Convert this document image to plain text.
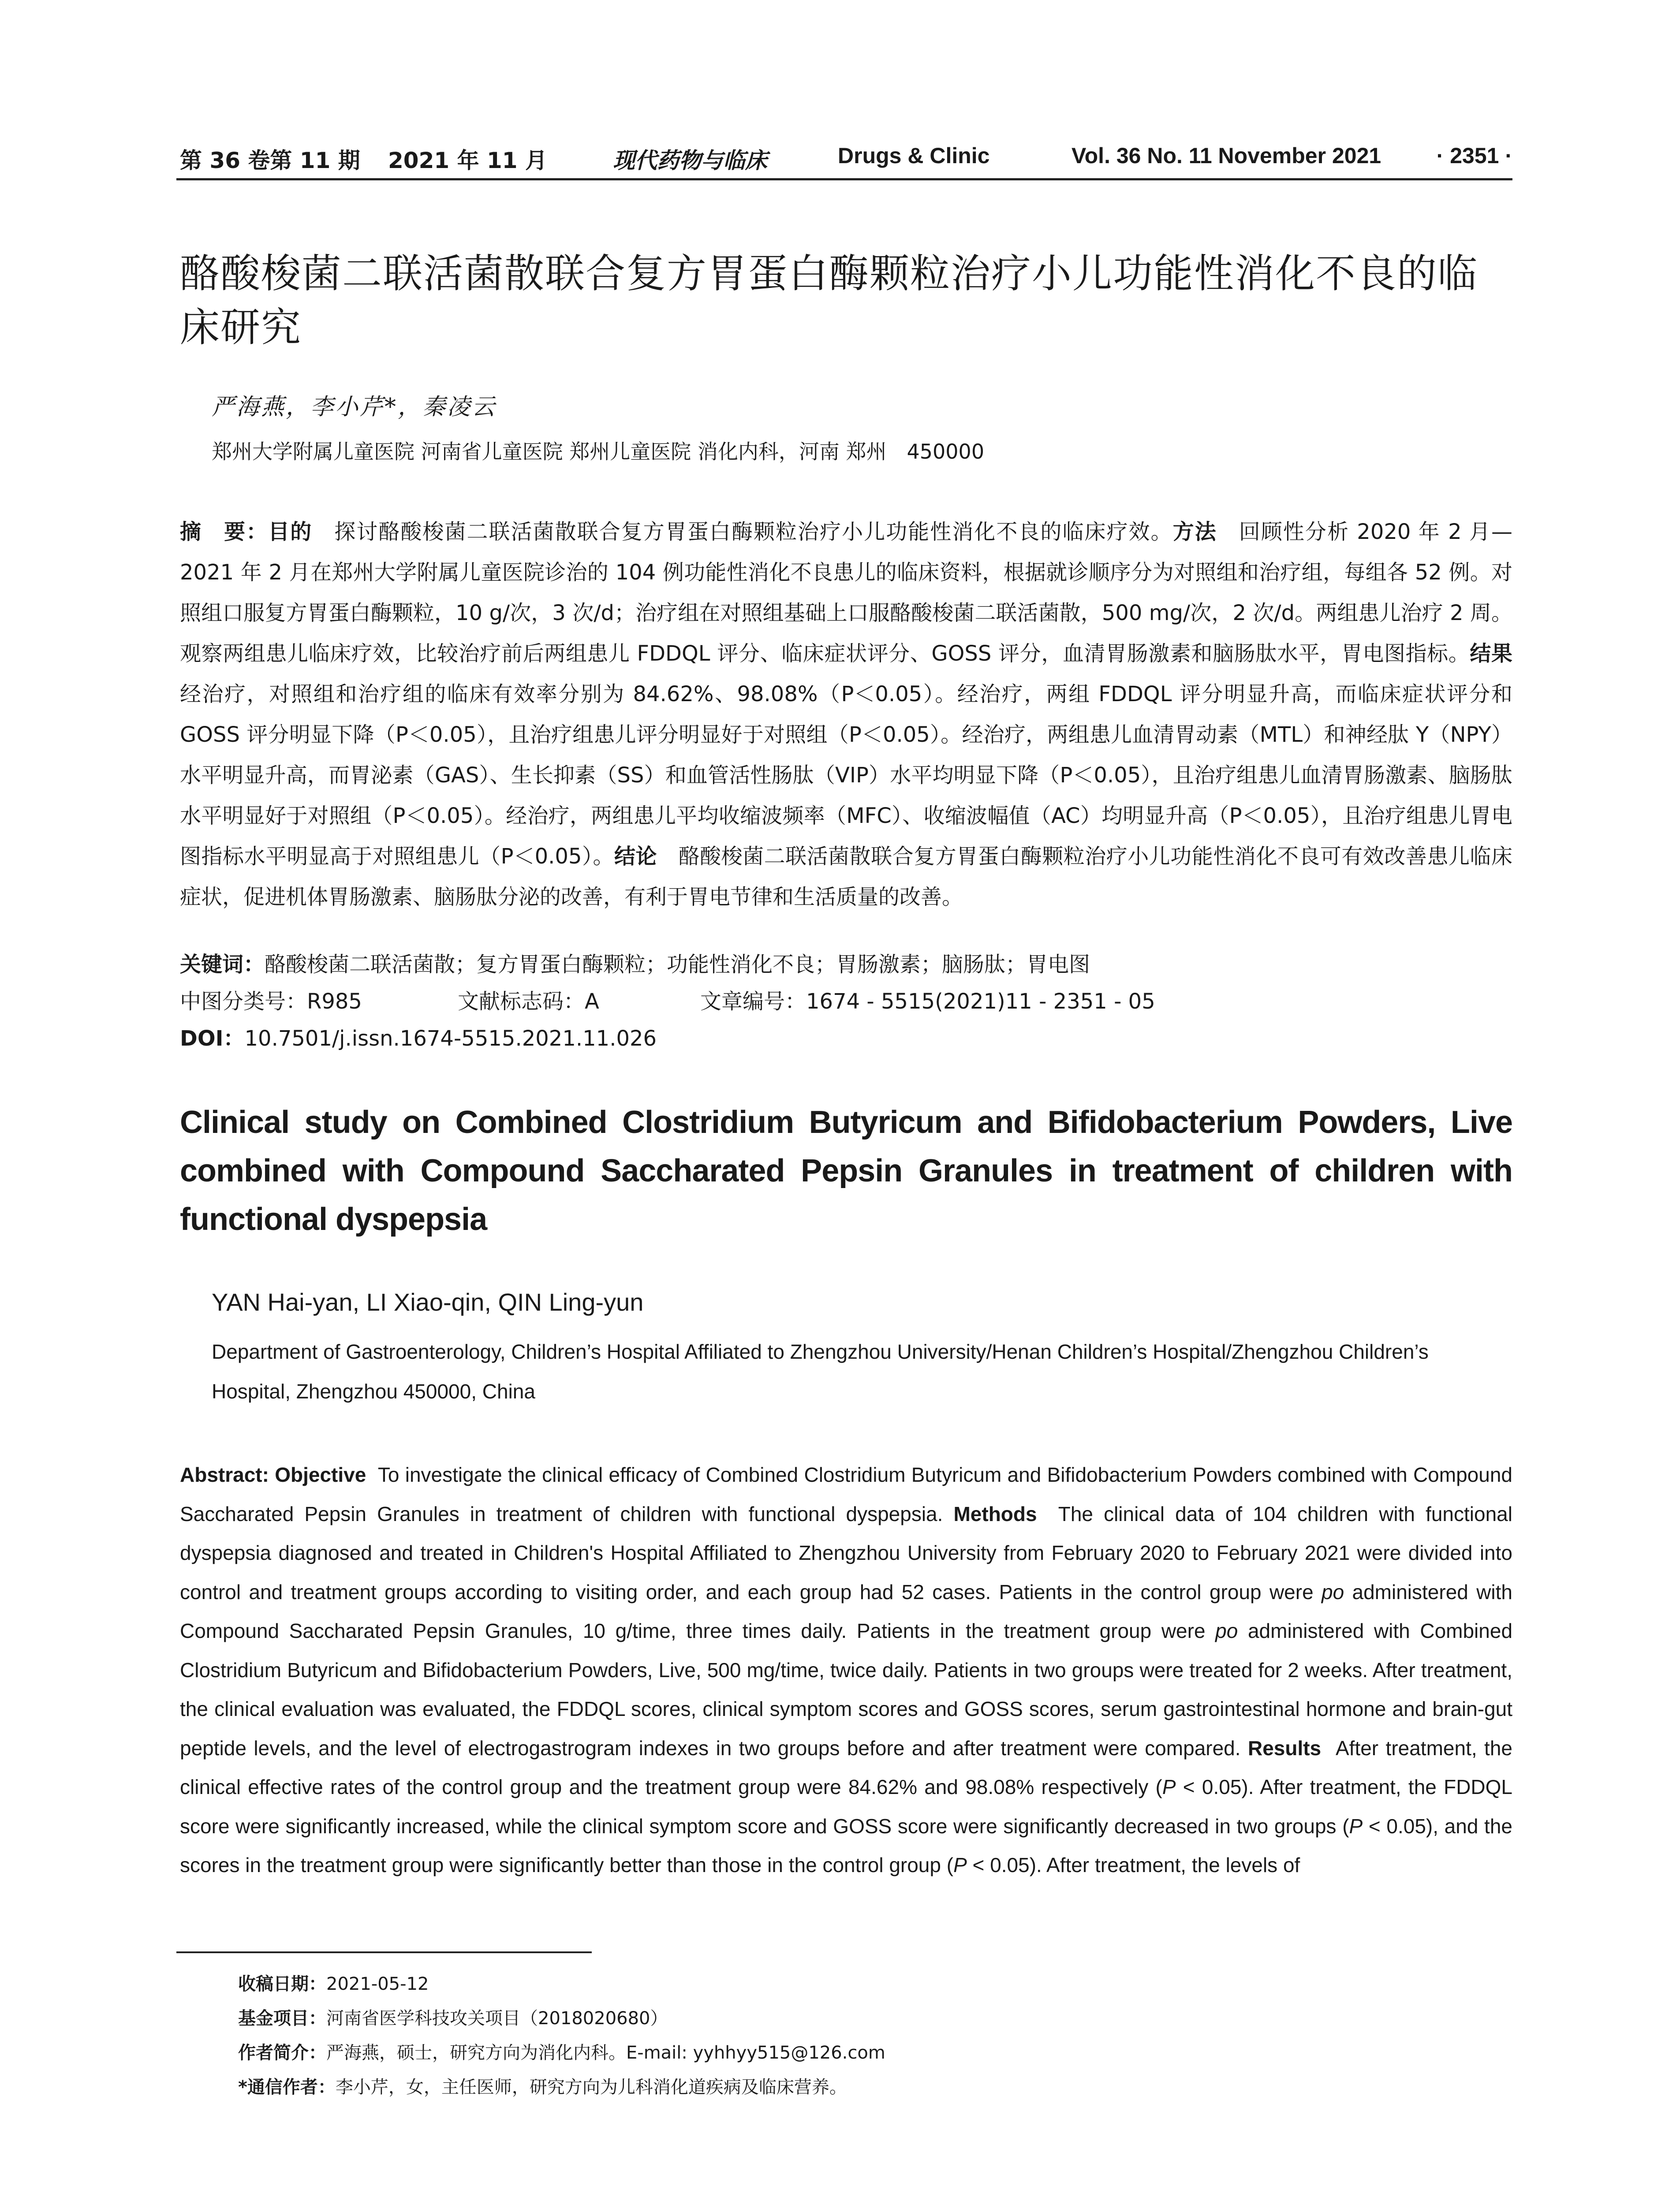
第 36 卷第 11 期 2021 年 11 月	现代药物与临床	Drugs & Clinic	Vol. 36 No. 11 November 2021	· 2351 ·
酪酸梭菌二联活菌散联合复方胃蛋白酶颗粒治疗小儿功能性消化不良的临床研究
严海燕，李小芹*，秦凌云
郑州大学附属儿童医院 河南省儿童医院 郑州儿童医院 消化内科，河南 郑州　450000

摘　要：目的　 探讨酪酸梭菌二联活菌散联合复方胃蛋白酶颗粒治疗小儿功能性消化不良的临床疗效。方法　 回顾性分析 2020 年 2 月—2021 年 2 月在郑州大学附属儿童医院诊治的 104 例功能性消化不良患儿的临床资料，根据就诊顺序分为对照组和治疗组，每组各 52 例。对照组口服复方胃蛋白酶颗粒，10 g/次，3 次/d；治疗组在对照组基础上口服酪酸梭菌二联活菌散，500 mg/次，2 次/d。两组患儿治疗 2 周。观察两组患儿临床疗效，比较治疗前后两组患儿 FDDQL 评分、临床症状评分、GOSS 评分，血清胃肠激素和脑肠肽水平，胃电图指标。结果　经治疗，对照组和治疗组的临床有效率分别为 84.62%、98.08%（P＜0.05）。经治疗，两组 FDDQL 评分明显升高，而临床症状评分和 GOSS 评分明显下降（P＜0.05），且治疗组患儿评分明显好于对照组（P＜0.05）。经治疗，两组患儿血清胃动素（MTL）和神经肽 Y（NPY）水平明显升高，而胃泌素（GAS）、生长抑素（SS）和血管活性肠肽（VIP）水平均明显下降（P＜0.05），且治疗组患儿血清胃肠激素、脑肠肽水平明显好于对照组（P＜0.05）。经治疗，两组患儿平均收缩波频率（MFC）、收缩波幅值（AC）均明显升高（P＜0.05），且治疗组患儿胃电图指标水平明显高于对照组患儿（P＜0.05）。结论　 酪酸梭菌二联活菌散联合复方胃蛋白酶颗粒治疗小儿功能性消化不良可有效改善患儿临床症状，促进机体胃肠激素、脑肠肽分泌的改善，有利于胃电节律和生活质量的改善。

关键词：酪酸梭菌二联活菌散；复方胃蛋白酶颗粒；功能性消化不良；胃肠激素；脑肠肽；胃电图
中图分类号：R985	文献标志码：A	文章编号：1674 - 5515(2021)11 - 2351 - 05
DOI：10.7501/j.issn.1674-5515.2021.11.026
Clinical study on Combined Clostridium Butyricum and Bifidobacterium Powders, Live combined with Compound Saccharated Pepsin Granules in treatment of children with functional dyspepsia
YAN Hai-yan, LI Xiao-qin, QIN Ling-yun

Department of Gastroenterology, Children’s Hospital Affiliated to Zhengzhou University/Henan Children’s Hospital/Zhengzhou Children’s Hospital, Zhengzhou 450000, China

Abstract: Objective To investigate the clinical efficacy of Combined Clostridium Butyricum and Bifidobacterium Powders combined with Compound Saccharated Pepsin Granules in treatment of children with functional dyspepsia. Methods The clinical data of 104 children with functional dyspepsia diagnosed and treated in Children's Hospital Affiliated to Zhengzhou University from February 2020 to February 2021 were divided into control and treatment groups according to visiting order, and each group had 52 cases. Patients in the control group were po administered with Compound Saccharated Pepsin Granules, 10 g/time, three times daily. Patients in the treatment group were po administered with Combined Clostridium Butyricum and Bifidobacterium Powders, Live, 500 mg/time, twice daily. Patients in two groups were treated for 2 weeks. After treatment, the clinical evaluation was evaluated, the FDDQL scores, clinical symptom scores and GOSS scores, serum gastrointestinal hormone and brain-gut peptide levels, and the level of electrogastrogram indexes in two groups before and after treatment were compared. Results After treatment, the clinical effective rates of the control group and the treatment group were 84.62% and 98.08% respectively (P < 0.05). After treatment, the FDDQL score were significantly increased, while the clinical symptom score and GOSS score were significantly decreased in two groups (P < 0.05), and the scores in the treatment group were significantly better than those in the control group (P < 0.05). After treatment, the levels of

收稿日期：2021-05-12
基金项目：河南省医学科技攻关项目（2018020680）
作者简介：严海燕，硕士，研究方向为消化内科。E-mail: yyhhyy515@126.com
*通信作者：李小芹，女，主任医师，研究方向为儿科消化道疾病及临床营养。
